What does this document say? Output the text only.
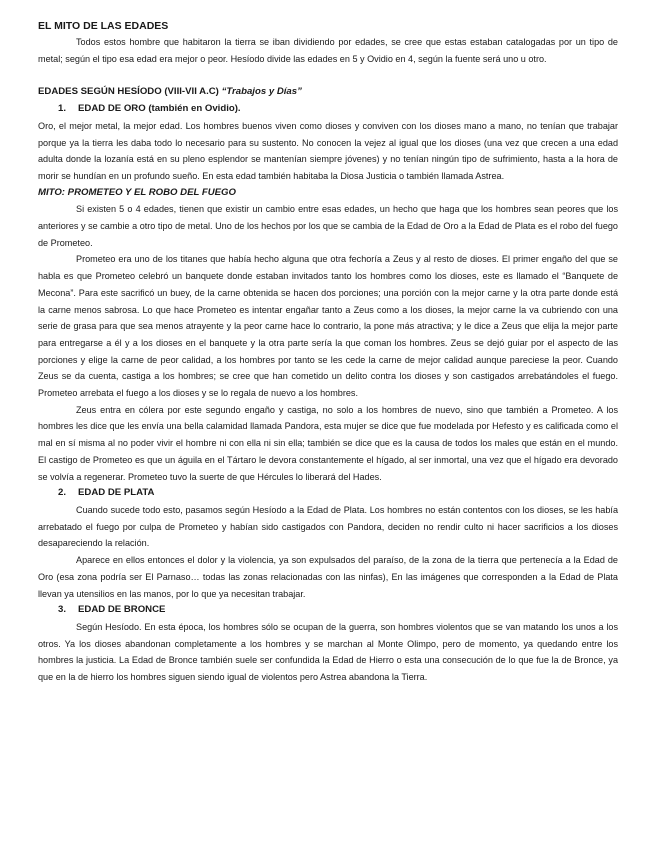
EL MITO DE LAS EDADES

Todos estos hombre que habitaron la tierra se iban dividiendo por edades, se cree que estas estaban catalogadas por un tipo de metal; según el tipo esa edad era mejor o peor. Hesíodo divide las edades en 5 y Ovidio en 4, según la fuente será uno u otro.

EDADES SEGÚN HESÍODO (VIII-VII A.C) “Trabajos y Días”

1. EDAD DE ORO (también en Ovidio).

Oro, el mejor metal, la mejor edad. Los hombres buenos viven como dioses y conviven con los dioses mano a mano, no tenían que trabajar porque ya la tierra les daba todo lo necesario para su sustento. No conocen la vejez al igual que los dioses (una vez que crecen a una edad adulta donde la lozanía está en su pleno esplendor se mantenían siempre jóvenes) y no tenían ningún tipo de sufrimiento, hasta a la hora de morir se hundían en un profundo sueño. En esta edad también habitaba la Diosa Justicia o también llamada Astrea.

MITO: PROMETEO Y EL ROBO DEL FUEGO

Si existen 5 o 4 edades, tienen que existir un cambio entre esas edades, un hecho que haga que los hombres sean peores que los anteriores y se cambie a otro tipo de metal. Uno de los hechos por los que se cambia de la Edad de Oro a la Edad de Plata es el robo del fuego de Prometeo.

Prometeo era uno de los titanes que había hecho alguna que otra fechoría a Zeus y al resto de dioses. El primer engaño del que se habla es que Prometeo celebró un banquete donde estaban invitados tanto los hombres como los dioses, este es llamado el “Banquete de Mecona”. Para este sacrificó un buey, de la carne obtenida se hacen dos porciones; una porción con la mejor carne y la otra parte donde está la carne menos sabrosa. Lo que hace Prometeo es intentar engañar tanto a Zeus como a los dioses, la mejor carne la va cubriendo con una serie de grasa para que sea menos atrayente y la peor carne hace lo contrario, la pone más atractiva; y le dice a Zeus que elija la mejor parte para entregarse a él y a los dioses en el banquete y la otra parte sería la que coman los hombres. Zeus se dejó guiar por el aspecto de las porciones y elige la carne de peor calidad, a los hombres por tanto se les cede la carne de mejor calidad aunque pareciese la peor. Cuando Zeus se da cuenta, castiga a los hombres; se cree que han cometido un delito contra los dioses y son castigados arrebatándoles el fuego. Prometeo arrebata el fuego a los dioses y se lo regala de nuevo a los hombres.

Zeus entra en cólera por este segundo engaño y castiga, no solo a los hombres de nuevo, sino que también a Prometeo. A los hombres les dice que les envía una bella calamidad llamada Pandora, esta mujer se dice que fue modelada por Hefesto y es calificada como el mal en sí misma al no poder vivir el hombre ni con ella ni sin ella; también se dice que es la causa de todos los males que están en el mundo. El castigo de Prometeo es que un águila en el Tártaro le devora constantemente el hígado, al ser inmortal, una vez que el hígado era devorado se volvía a regenerar. Prometeo tuvo la suerte de que Hércules lo liberará del Hades.

2. EDAD DE PLATA

Cuando sucede todo esto, pasamos según Hesíodo a la Edad de Plata. Los hombres no están contentos con los dioses, se les había arrebatado el fuego por culpa de Prometeo y habían sido castigados con Pandora, deciden no rendir culto ni hacer sacrificios a los dioses desapareciendo la relación.

Aparece en ellos entonces el dolor y la violencia, ya son expulsados del paraíso, de la zona de la tierra que pertenecía a la Edad de Oro (esa zona podría ser El Parnaso… todas las zonas relacionadas con las ninfas), En las imágenes que corresponden a la Edad de Plata llevan ya utensilios en las manos, por lo que ya necesitan trabajar.

3. EDAD DE BRONCE

Según Hesíodo. En esta época, los hombres sólo se ocupan de la guerra, son hombres violentos que se van matando los unos a los otros. Ya los dioses abandonan completamente a los hombres y se marchan al Monte Olimpo, pero de momento, ya quedando entre los hombres la justicia. La Edad de Bronce también suele ser confundida la Edad de Hierro o esta una consecución de lo que fue la de Bronce, ya que en la de hierro los hombres siguen siendo igual de violentos pero Astrea abandona la Tierra.
